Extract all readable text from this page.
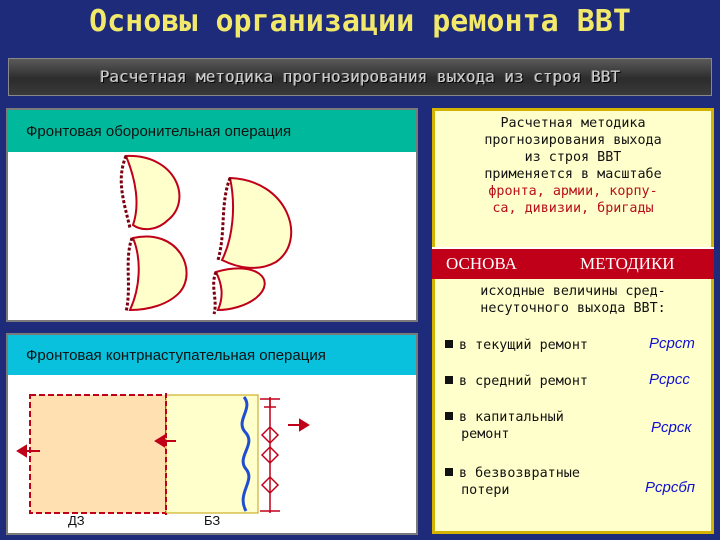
Основы организации ремонта ВВТ
Расчетная методика прогнозирования выхода из строя ВВТ
Фронтовая оборонительная операция
Фронтовая контрнаступательная операция
ДЗ	БЗ
Расчетная методика
прогнозирования выхода
из строя ВВТ
применяется в масштабе
фронта, армии, корпу-
са, дивизии, бригады
ОСНОВА	МЕТОДИКИ
исходные величины сред-
несуточного выхода ВВТ:
в текущий ремонт	Рсрст
в средний ремонт	Рсрсс
в капитальный
ремонт	Рсрск
в безвозвратные
потери	Рсрсбп
